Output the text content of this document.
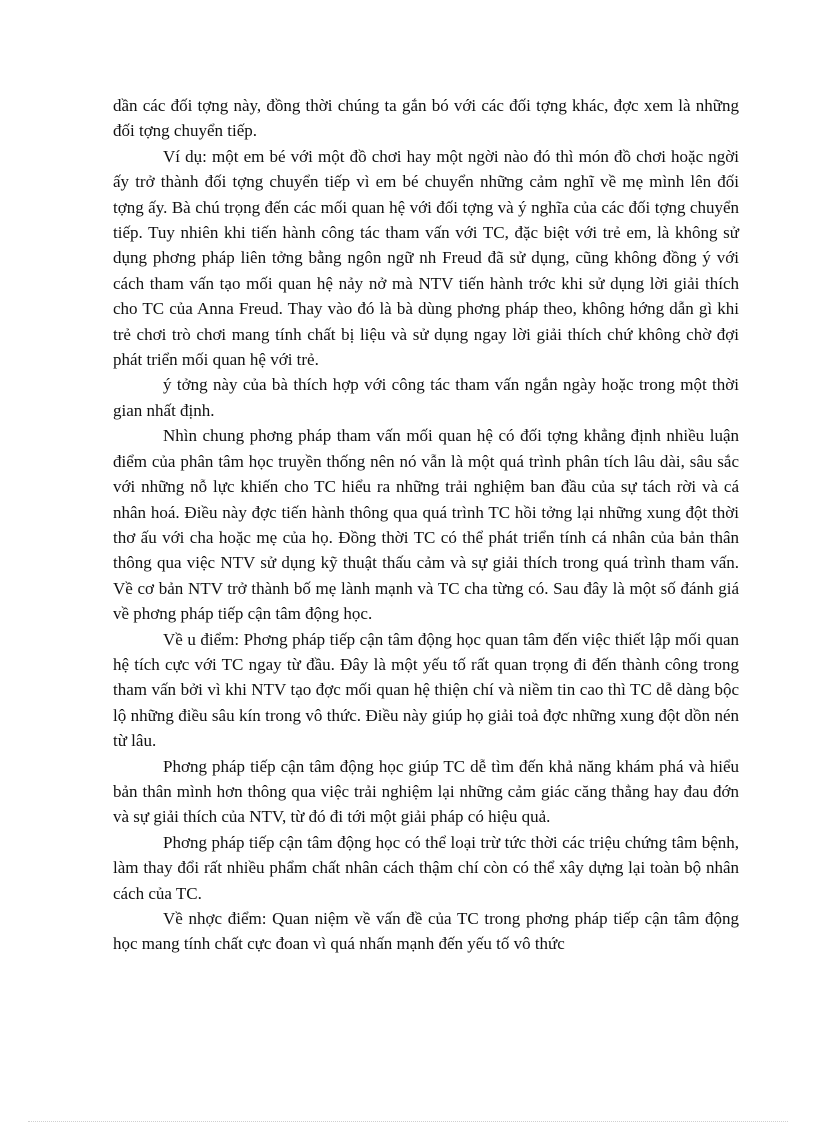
dần các đối tợng này, đồng thời chúng ta gắn bó với các đối tợng khác, đợc xem là những đối tợng chuyển tiếp.

Ví dụ: một em bé với một đồ chơi hay một ngời nào đó thì món đồ chơi hoặc ngời ấy trở thành đối tợng chuyển tiếp vì em bé chuyển những cảm nghĩ về mẹ mình lên đối tợng ấy. Bà chú trọng đến các mối quan hệ với đối tợng và ý nghĩa của các đối tợng chuyển tiếp. Tuy nhiên khi tiến hành công tác tham vấn với TC, đặc biệt với trẻ em, là không sử dụng phơng pháp liên tởng bằng ngôn ngữ nh Freud đã sử dụng, cũng không đồng ý với cách tham vấn tạo mối quan hệ nảy nở mà NTV tiến hành trớc khi sử dụng lời giải thích cho TC của Anna Freud. Thay vào đó là bà dùng phơng pháp theo, không hớng dẫn gì khi trẻ chơi trò chơi mang tính chất bị liệu và sử dụng ngay lời giải thích chứ không chờ đợi phát triển mối quan hệ với trẻ.

ý tởng này của bà thích hợp với công tác tham vấn ngắn ngày hoặc trong một thời gian nhất định.

Nhìn chung phơng pháp tham vấn mối quan hệ có đối tợng khẳng định nhiều luận điểm của phân tâm học truyền thống nên nó vẫn là một quá trình phân tích lâu dài, sâu sắc với những nỗ lực khiến cho TC hiểu ra những trải nghiệm ban đầu của sự tách rời và cá nhân hoá. Điều này đợc tiến hành thông qua quá trình TC hồi tởng lại những xung đột thời thơ ấu với cha hoặc mẹ của họ. Đồng thời TC có thể phát triển tính cá nhân của bản thân thông qua việc NTV sử dụng kỹ thuật thấu cảm và sự giải thích trong quá trình tham vấn. Về cơ bản NTV trở thành bố mẹ lành mạnh và TC cha từng có. Sau đây là một số đánh giá về phơng pháp tiếp cận tâm động học.

Về u điểm: Phơng pháp tiếp cận tâm động học quan tâm đến việc thiết lập mối quan hệ tích cực với TC ngay từ đầu. Đây là một yếu tố rất quan trọng đi đến thành công trong tham vấn bởi vì khi NTV tạo đợc mối quan hệ thiện chí và niềm tin cao thì TC dễ dàng bộc lộ những điều sâu kín trong vô thức. Điều này giúp họ giải toả đợc những xung đột dồn nén từ lâu.

Phơng pháp tiếp cận tâm động học giúp TC dễ tìm đến khả năng khám phá và hiểu bản thân mình hơn thông qua việc trải nghiệm lại những cảm giác căng thẳng hay đau đớn và sự giải thích của NTV, từ đó đi tới một giải pháp có hiệu quả.

Phơng pháp tiếp cận tâm động học có thể loại trừ tức thời các triệu chứng tâm bệnh, làm thay đổi rất nhiều phẩm chất nhân cách thậm chí còn có thể xây dựng lại toàn bộ nhân cách của TC.

Về nhợc điểm: Quan niệm về vấn đề của TC trong phơng pháp tiếp cận tâm động học mang tính chất cực đoan vì quá nhấn mạnh đến yếu tố vô thức
